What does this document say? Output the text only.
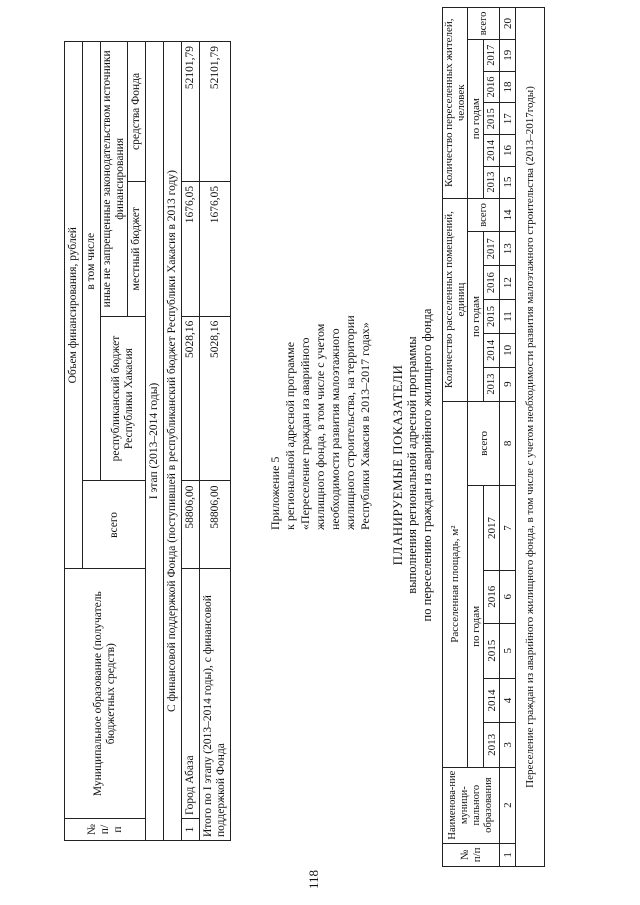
118
№ п/п	Муниципальное образование (получатель бюджетных средств)	Объем финансирования, рублей			
		всего	в том числе		
			республиканский бюджет Республики Хакасия	иные не запрещенные законодательством источники финансирования	
				местный бюджет	средства Фонда
I этап (2013–2014 годы)					
С финансовой поддержкой Фонда (поступившей в республиканский бюджет Республики Хакасия в 2013 году)					
1	Город Абаза	58806,00	5028,16	1676,05	52101,79
Итого по I этапу (2013–2014 годы), с финансовой поддержкой Фонда		58806,00	5028,16	1676,05	52101,79

Приложение 5 к региональной адресной программе «Переселение граждан из аварийного жилищного фонда, в том числе с учетом необходимости развития малоэтажного жилищного строительства, на территории Республики Хакасия в 2013–2017 годах» ПЛАНИРУЕМЫЕ ПОКАЗАТЕЛИ выполнения региональной адресной программы по переселению граждан из аварийного жилищного фонда
№ п/п	Наименова-ние муници-пального образования	Расселенная площадь, м²						Количество расселенных помещений, единиц						Количество переселенных жителей, человек					
		по годам					всего	по годам					всего	по годам					всего
		2013	2014	2015	2016	2017		2013	2014	2015	2016	2017		2013	2014	2015	2016	2017	
1	2	3	4	5	6	7	8	9	10	11	12	13	14	15	16	17	18	19	20
Переселение граждан из аварийного жилищного фонда, в том числе с учетом необходимости развития малоэтажного строительства (2013–2017годы)																			
